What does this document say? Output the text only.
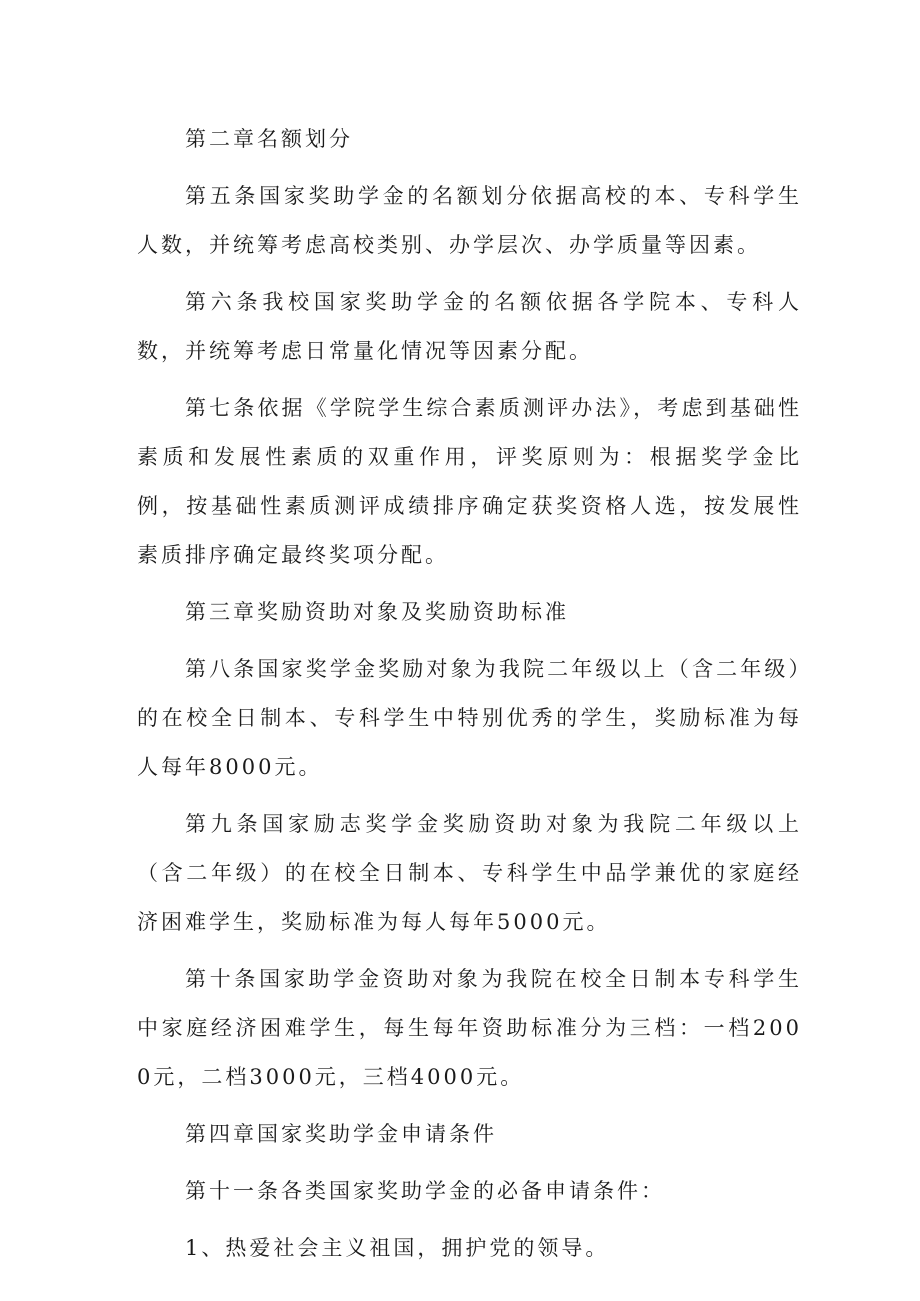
第二章名额划分

第五条国家奖助学金的名额划分依据高校的本、专科学生人数，并统筹考虑高校类别、办学层次、办学质量等因素。

第六条我校国家奖助学金的名额依据各学院本、专科人数，并统筹考虑日常量化情况等因素分配。

第七条依据《学院学生综合素质测评办法》，考虑到基础性素质和发展性素质的双重作用，评奖原则为：根据奖学金比例，按基础性素质测评成绩排序确定获奖资格人选，按发展性素质排序确定最终奖项分配。

第三章奖励资助对象及奖励资助标准

第八条国家奖学金奖励对象为我院二年级以上（含二年级）的在校全日制本、专科学生中特别优秀的学生，奖励标准为每人每年8000元。

第九条国家励志奖学金奖励资助对象为我院二年级以上（含二年级）的在校全日制本、专科学生中品学兼优的家庭经济困难学生，奖励标准为每人每年5000元。

第十条国家助学金资助对象为我院在校全日制本专科学生中家庭经济困难学生，每生每年资助标准分为三档：一档2000元，二档3000元，三档4000元。

第四章国家奖助学金申请条件

第十一条各类国家奖助学金的必备申请条件：

1、热爱社会主义祖国，拥护党的领导。
